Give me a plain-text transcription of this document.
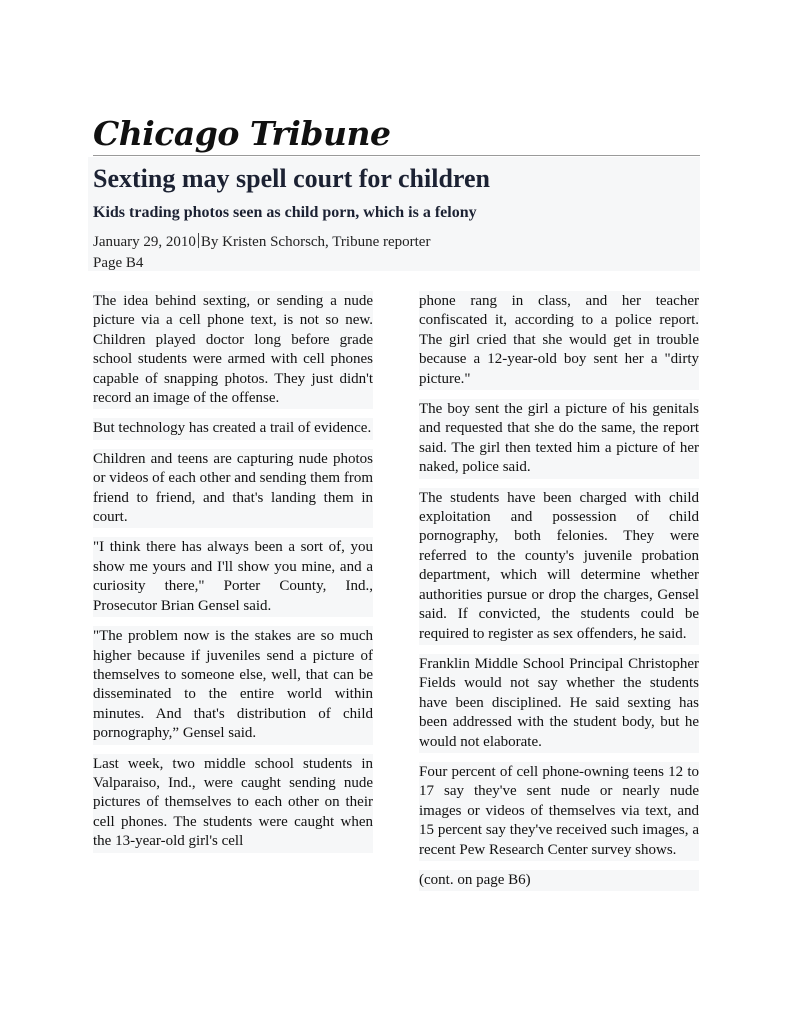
Chicago Tribune
Sexting may spell court for children
Kids trading photos seen as child porn, which is a felony
January 29, 2010 By Kristen Schorsch, Tribune reporter
Page B4

The idea behind sexting, or sending a nude picture via a cell phone text, is not so new. Children played doctor long before grade school students were armed with cell phones capable of snapping photos. They just didn't record an image of the offense.

But technology has created a trail of evidence.

Children and teens are capturing nude photos or videos of each other and sending them from friend to friend, and that's landing them in court.

"I think there has always been a sort of, you show me yours and I'll show you mine, and a curiosity there," Porter County, Ind., Prosecutor Brian Gensel said.

"The problem now is the stakes are so much higher because if juveniles send a picture of themselves to someone else, well, that can be disseminated to the entire world within minutes. And that's distribution of child pornography,” Gensel said.

Last week, two middle school students in Valparaiso, Ind., were caught sending nude pictures of themselves to each other on their cell phones. The students were caught when the 13-year-old girl's cell

phone rang in class, and her teacher confiscated it, according to a police report. The girl cried that she would get in trouble because a 12-year-old boy sent her a "dirty picture."

The boy sent the girl a picture of his genitals and requested that she do the same, the report said. The girl then texted him a picture of her naked, police said.

The students have been charged with child exploitation and possession of child pornography, both felonies. They were referred to the county's juvenile probation department, which will determine whether authorities pursue or drop the charges, Gensel said. If convicted, the students could be required to register as sex offenders, he said.

Franklin Middle School Principal Christopher Fields would not say whether the students have been disciplined. He said sexting has been addressed with the student body, but he would not elaborate.

Four percent of cell phone-owning teens 12 to 17 say they've sent nude or nearly nude images or videos of themselves via text, and 15 percent say they've received such images, a recent Pew Research Center survey shows.

(cont. on page B6)
